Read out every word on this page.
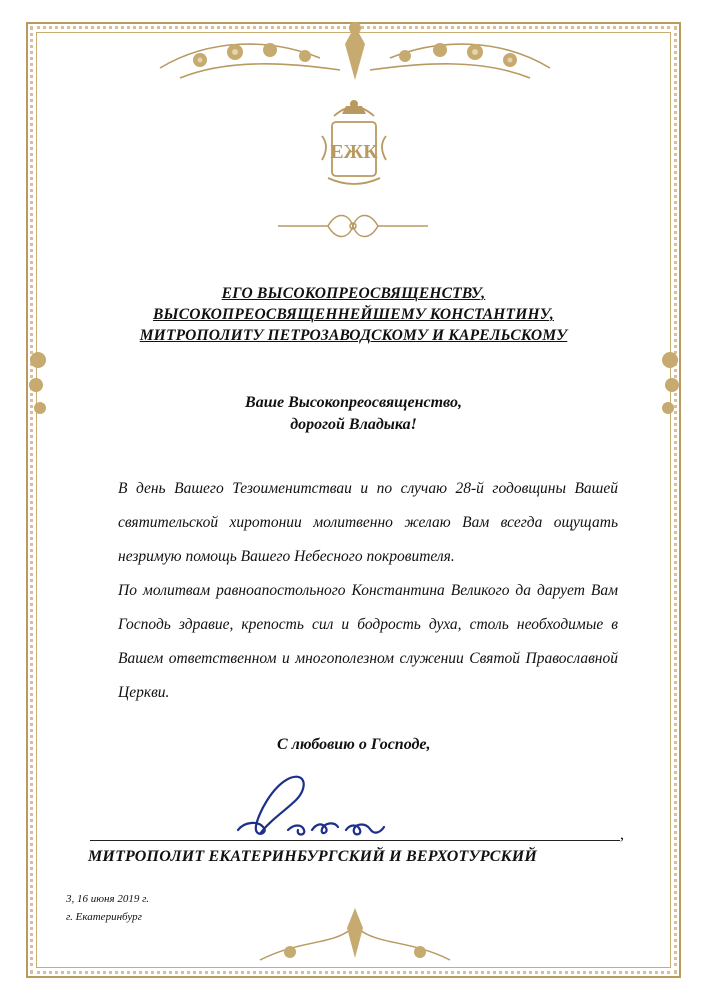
ЕЖК
ЕГО ВЫСОКОПРЕОСВЯЩЕНСТВУ,
ВЫСОКОПРЕОСВЯЩЕННЕЙШЕМУ КОНСТАНТИНУ,
МИТРОПОЛИТУ ПЕТРОЗАВОДСКОМУ И КАРЕЛЬСКОМУ
Ваше Высокопреосвященство,
дорогой Владыка!

В день Вашего Тезоименитстваи и по случаю 28-й годовщины Вашей святительской хиротонии молитвенно желаю Вам всегда ощущать незримую помощь Вашего Небесного покровителя.

По молитвам равноапостольного Константина Великого да дарует Вам Господь здравие, крепость сил и бодрость духа, столь необходимые в Вашем ответственном и многополезном служении Святой Православной Церкви.

С любовию о Господе,
,
МИТРОПОЛИТ ЕКАТЕРИНБУРГСКИЙ И ВЕРХОТУРСКИЙ
3, 16 июня 2019 г.
г. Екатеринбург
